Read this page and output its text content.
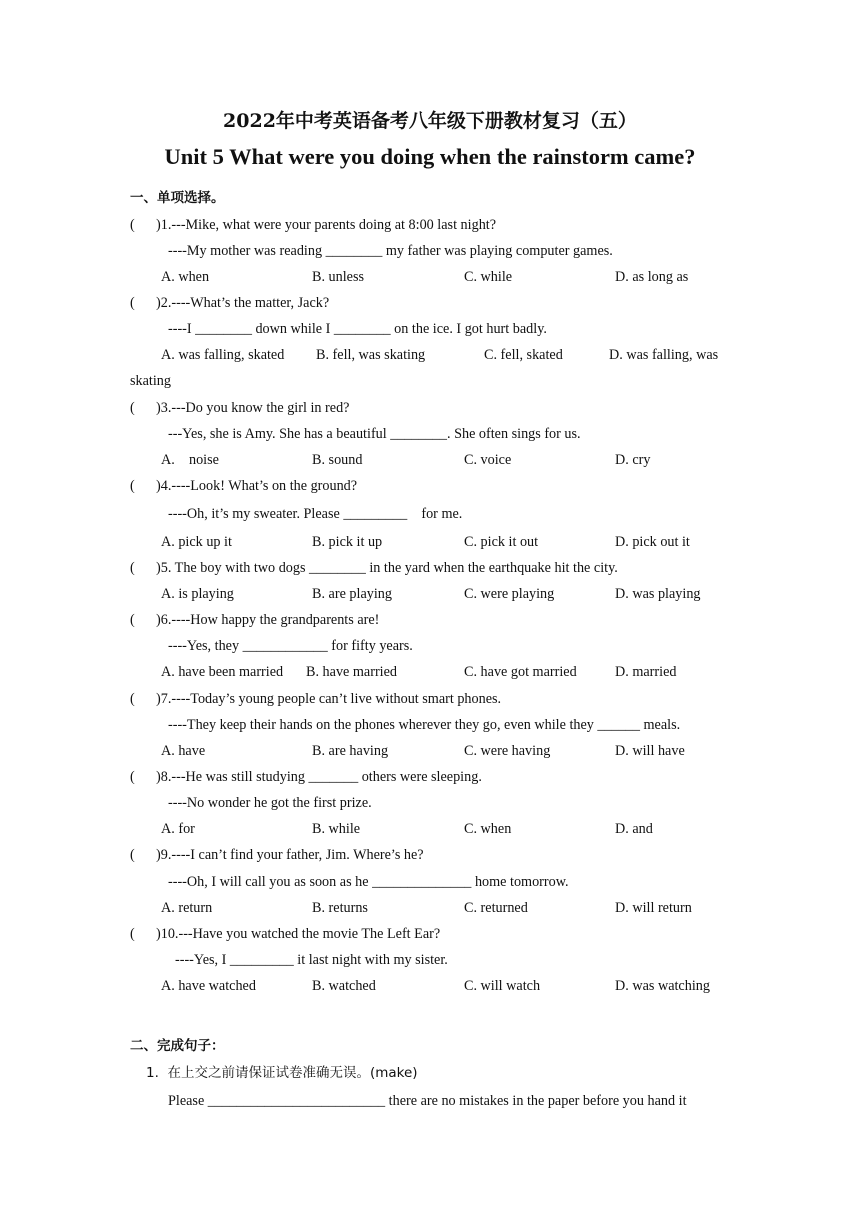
2022年中考英语备考八年级下册教材复习（五）
Unit 5 What were you doing when the rainstorm came?
一、单项选择。
(      )1.---Mike, what were your parents doing at 8:00 last night?
----My mother was reading ________ my father was playing computer games.
A. when	B. unless	C. while	D. as long as
(      )2.----What’s the matter, Jack?
----I ________ down while I ________ on the ice. I got hurt badly.
A. was falling, skated B. fell, was skating	C. fell, skated	D. was falling, was
skating
(      )3.---Do you know the girl in red?
---Yes, she is Amy. She has a beautiful ________. She often sings for us.
A.    noise	B. sound	C. voice	D. cry
(      )4.----Look! What’s on the ground?
----Oh, it’s my sweater. Please _________    for me.
A. pick up it	B. pick it up	C. pick it out	D. pick out it
(      )5. The boy with two dogs ________ in the yard when the earthquake hit the city.
A. is playing	B. are playing	C. were playing	D. was playing
(      )6.----How happy the grandparents are!
----Yes, they ____________ for fifty years.
A. have been married B. have married	C. have got married	D. married
(      )7.----Today’s young people can’t live without smart phones.
----They keep their hands on the phones wherever they go, even while they ______ meals.
A. have	B. are having	C. were having	D. will have
(      )8.---He was still studying _______ others were sleeping.
----No wonder he got the first prize.
A. for	B. while	C. when	D. and
(      )9.----I can’t find your father, Jim. Where’s he?
----Oh, I will call you as soon as he ______________ home tomorrow.
A. return	B. returns	C. returned	D. will return
(      )10.---Have you watched the movie The Left Ear?
----Yes, I _________ it last night with my sister.
A. have watched	B. watched	C. will watch	D. was watching
二、完成句子：
1.  在上交之前请保证试卷准确无误。(make)
Please _________________________ there are no mistakes in the paper before you hand it
